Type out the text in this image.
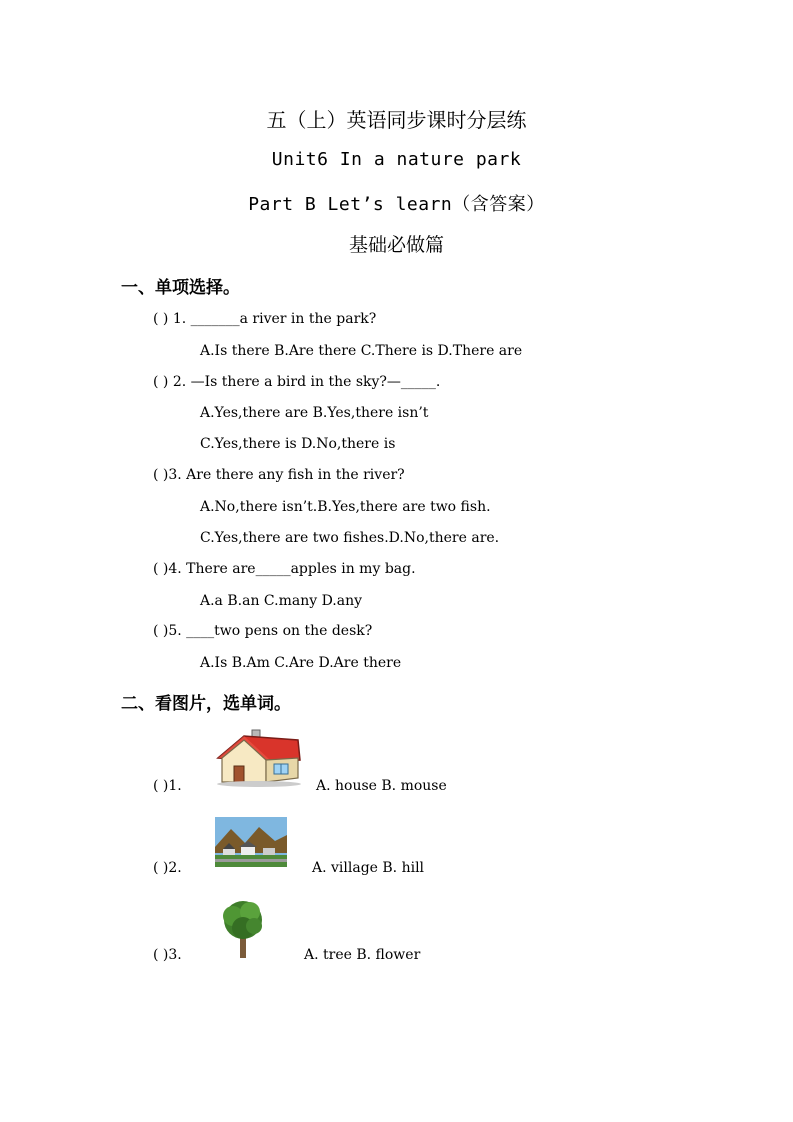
五（上）英语同步课时分层练
Unit6 In a nature park
Part B Let’s learn（含答案）
基础必做篇
一、单项选择。
( ) 1. _______a river in the park?
A.Is there B.Are there C.There is D.There are
( ) 2. —Is there a bird in the sky?—_____.
A.Yes,there are B.Yes,there isn’t
C.Yes,there is D.No,there is
( )3. Are there any fish in the river?
A.No,there isn’t.B.Yes,there are two fish.
C.Yes,there are two fishes.D.No,there are.
( )4. There are_____apples in my bag.
A.a B.an C.many D.any
( )5. ____two pens on the desk?
A.Is B.Am C.Are D.Are there
二、看图片，选单词。
( )1.	A. house B. mouse
( )2.	A. village B. hill
( )3.	A. tree B. flower
